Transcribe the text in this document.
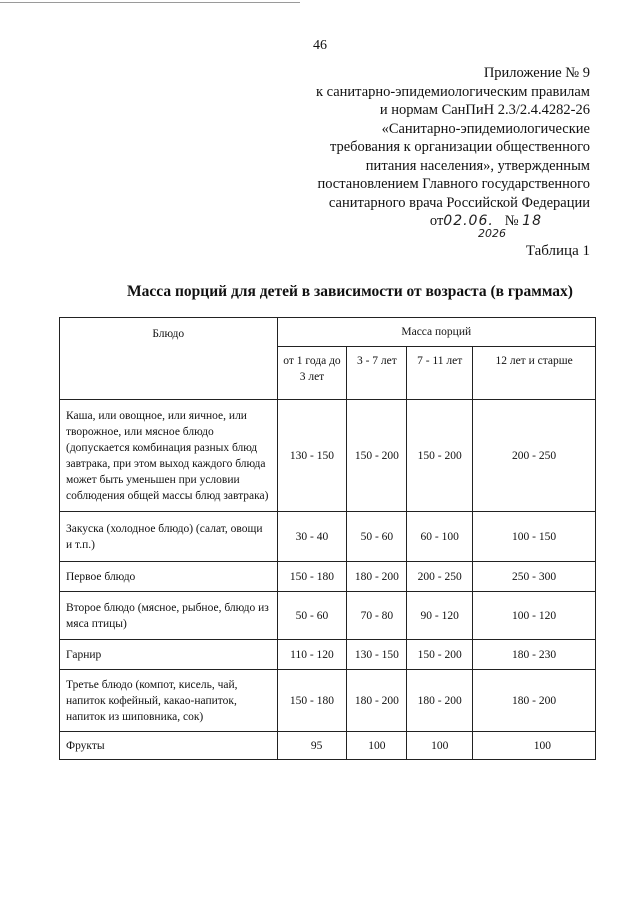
46
Приложение № 9
к санитарно-эпидемиологическим правилам
и нормам СанПиН 2.3/2.4.4282-26
«Санитарно-эпидемиологические
требования к организации общественного
питания населения», утвержденным
постановлением Главного государственного
санитарного врача Российской Федерации
от02.06. № 18
2026
Таблица 1
Масса порций для детей в зависимости от возраста (в граммах)
Блюдо	Масса порций			
	от 1 года до 3 лет	3 - 7 лет	7 - 11 лет	12 лет и старше
Каша, или овощное, или яичное, или творожное, или мясное блюдо (допускается комбинация разных блюд завтрака, при этом выход каждого блюда может быть уменьшен при условии соблюдения общей массы блюд завтрака)	130 - 150	150 - 200	150 - 200	200 - 250
Закуска (холодное блюдо) (салат, овощи и т.п.)	30 - 40	50 - 60	60 - 100	100 - 150
Первое блюдо	150 - 180	180 - 200	200 - 250	250 - 300
Второе блюдо (мясное, рыбное, блюдо из мяса птицы)	50 - 60	70 - 80	90 - 120	100 - 120
Гарнир	110 - 120	130 - 150	150 - 200	180 - 230
Третье блюдо (компот, кисель, чай, напиток кофейный, какао-напиток, напиток из шиповника, сок)	150 - 180	180 - 200	180 - 200	180 - 200
Фрукты	95	100	100	100
